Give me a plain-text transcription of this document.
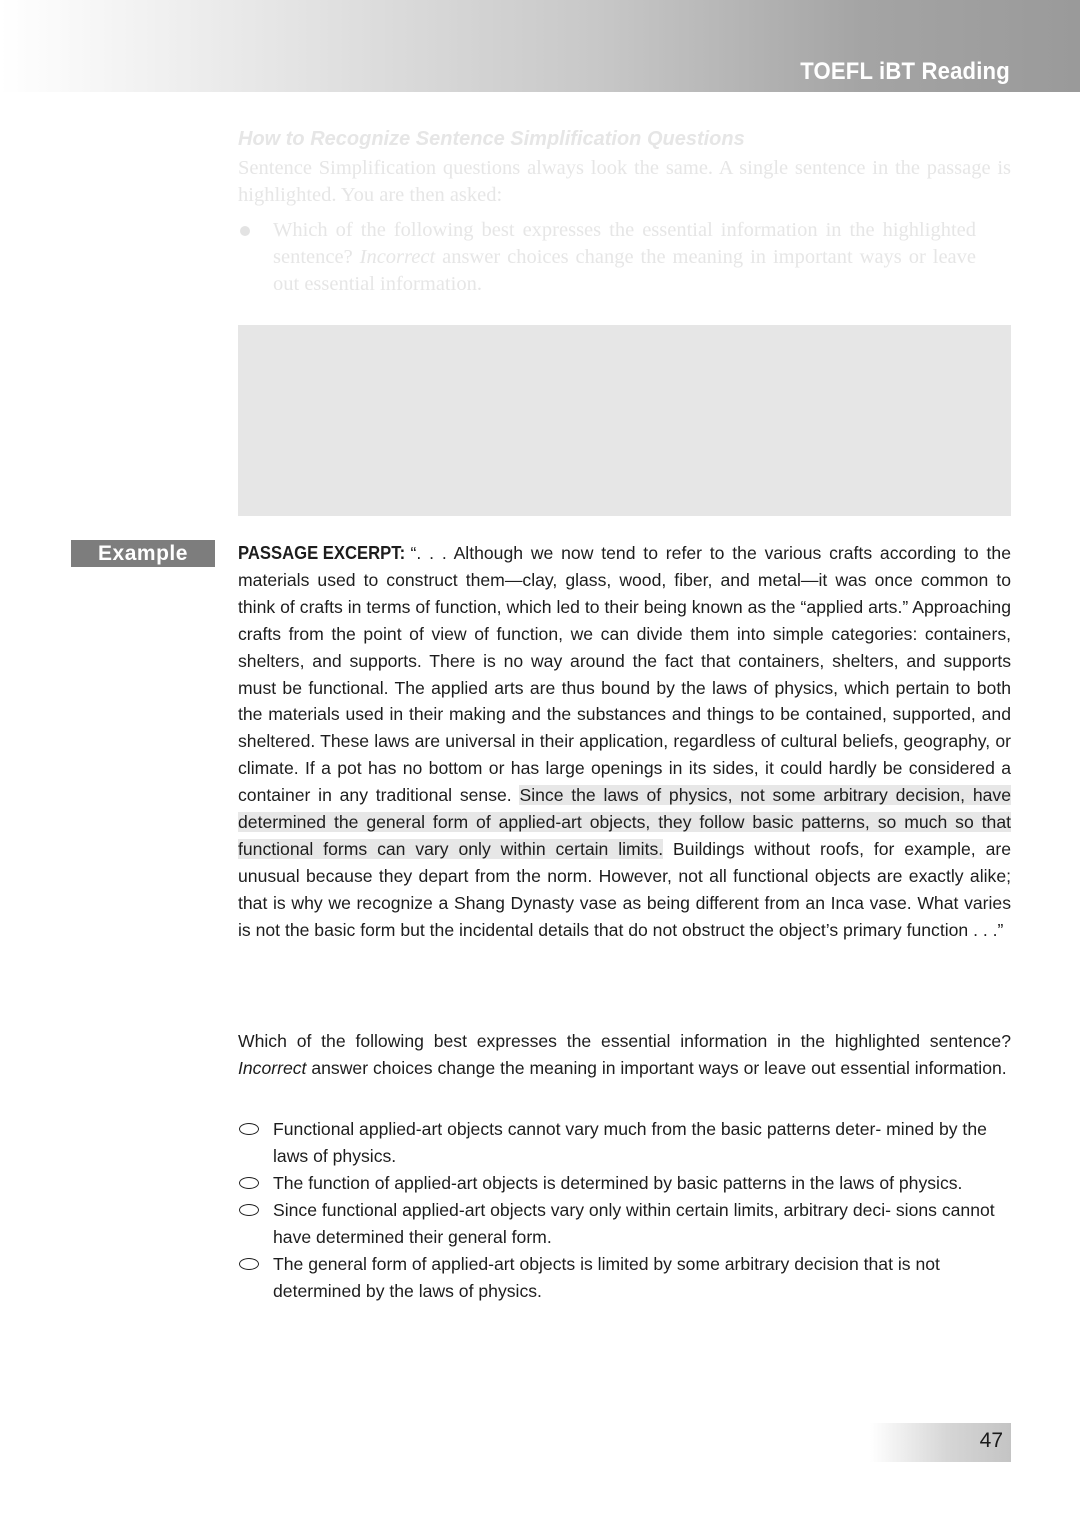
TOEFL iBT Reading
How to Recognize Sentence Simplification Questions
Sentence Simplification questions always look the same. A single sentence in the passage is highlighted. You are then asked:
Which of the following best expresses the essential information in the highlighted sentence? Incorrect answer choices change the meaning in important ways or leave out essential information.
Example	PASSAGE EXCERPT: “. . . Although we now tend to refer to the various crafts according to the materials used to construct them—clay, glass, wood, fiber, and metal—it was once common to think of crafts in terms of function, which led to their being known as the “applied arts.” Approaching crafts from the point of view of function, we can divide them into simple categories: containers, shelters, and supports. There is no way around the fact that containers, shelters, and supports must be functional. The applied arts are thus bound by the laws of physics, which pertain to both the materials used in their making and the substances and things to be contained, supported, and sheltered. These laws are universal in their application, regardless of cultural beliefs, geography, or climate. If a pot has no bottom or has large openings in its sides, it could hardly be considered a container in any traditional sense. Since the laws of physics, not some arbitrary decision, have determined the general form of applied-art objects, they follow basic patterns, so much so that functional forms can vary only within certain limits. Buildings without roofs, for example, are unusual because they depart from the norm. However, not all functional objects are exactly alike; that is why we recognize a Shang Dynasty vase as being different from an Inca vase. What varies is not the basic form but the incidental details that do not obstruct the object’s primary function . . .”
Which of the following best expresses the essential information in the highlighted sentence? Incorrect answer choices change the meaning in important ways or leave out essential information.
Functional applied-art objects cannot vary much from the basic patterns deter- mined by the laws of physics.
The function of applied-art objects is determined by basic patterns in the laws of physics.
Since functional applied-art objects vary only within certain limits, arbitrary deci- sions cannot have determined their general form.
The general form of applied-art objects is limited by some arbitrary decision that is not determined by the laws of physics.
47
